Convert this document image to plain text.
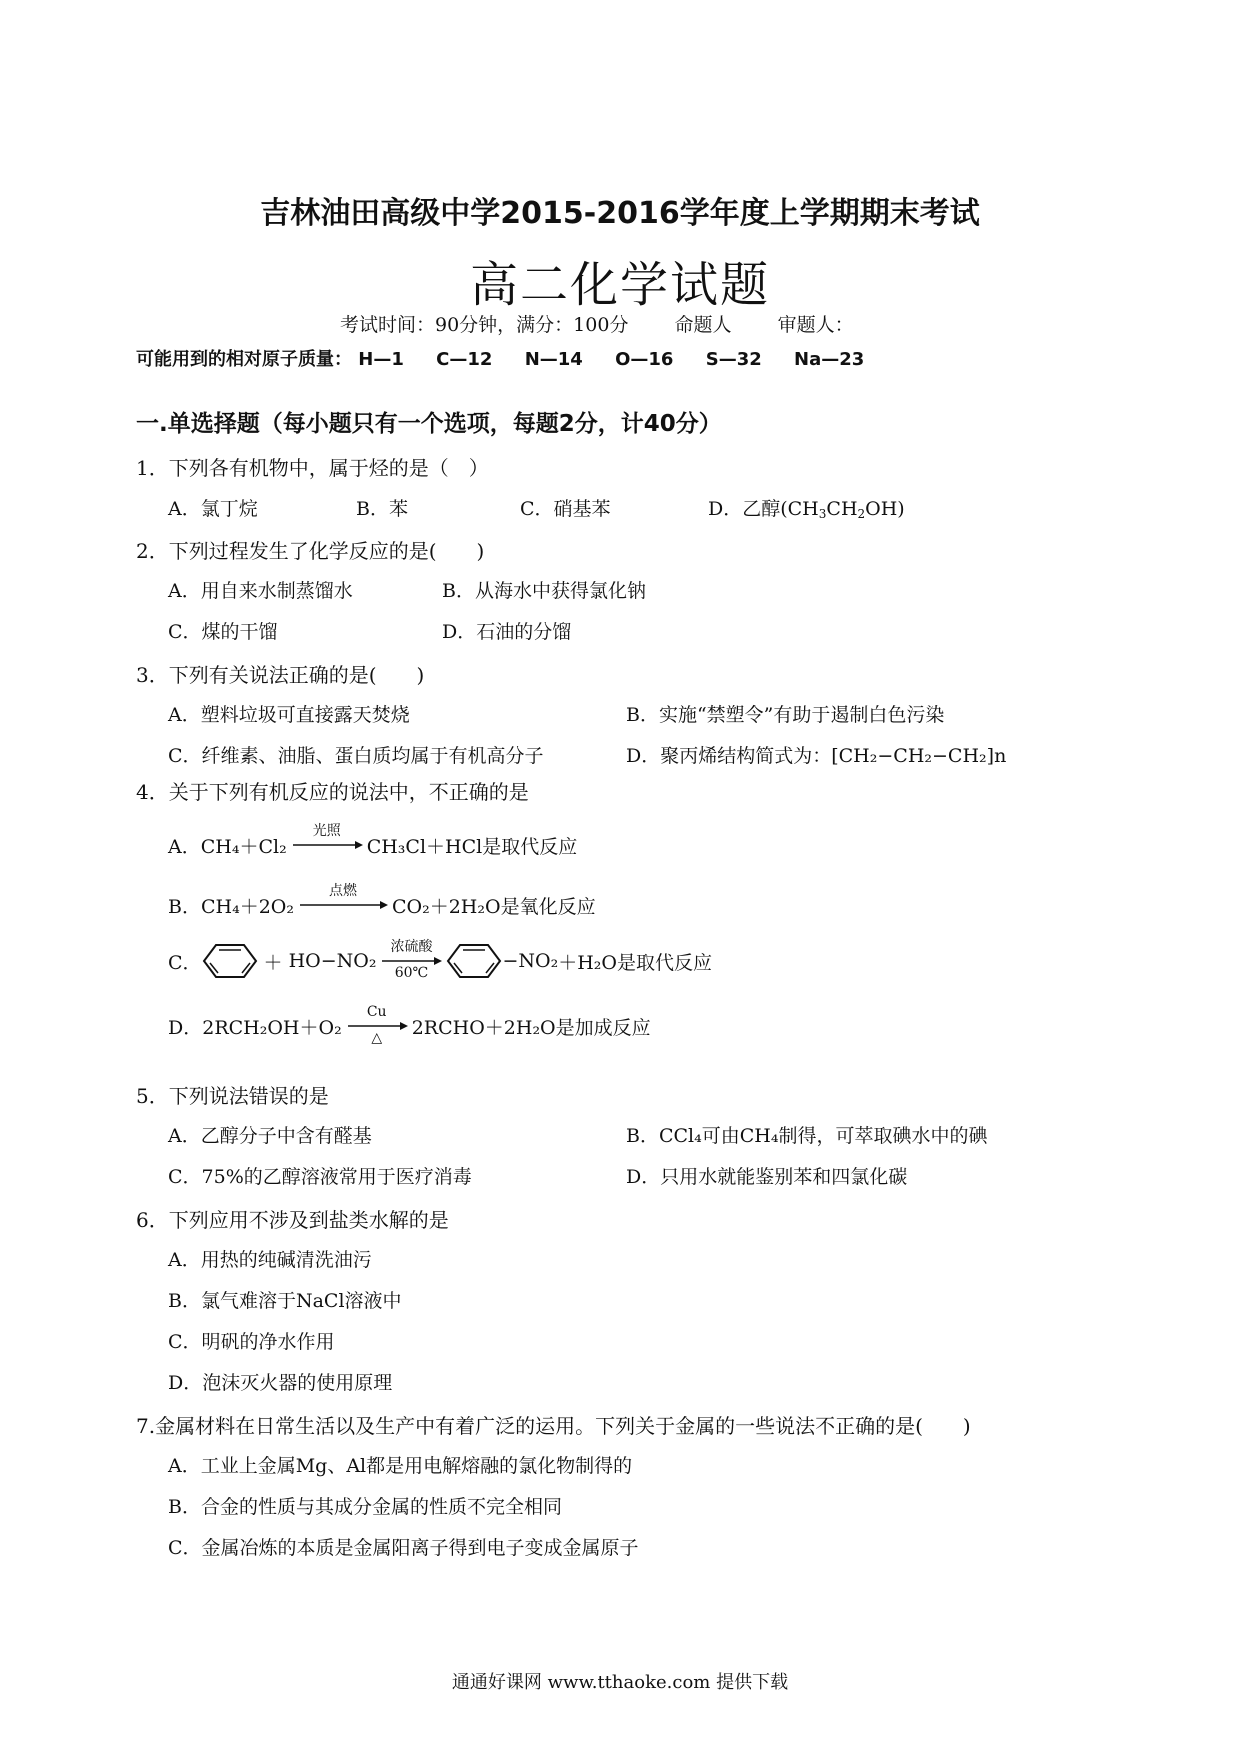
吉林油田高级中学2015-2016学年度上学期期末考试
高二化学试题
考试时间：90分钟，满分：100分 命题人 审题人：
可能用到的相对原子质量： H—1 C—12 N—14 O—16 S—32 Na—23
一.单选择题（每小题只有一个选项，每题2分，计40分）
1．下列各有机物中，属于烃的是（　）
A．氯丁烷	B．苯	C．硝基苯	D．乙醇$(CH_3CH_2OH)$
2．下列过程发生了化学反应的是(　　)
A．用自来水制蒸馏水	B．从海水中获得氯化钠
C．煤的干馏	D．石油的分馏
3．下列有关说法正确的是(　　)
A．塑料垃圾可直接露天焚烧	B．实施“禁塑令”有助于遏制白色污染
C．纤维素、油脂、蛋白质均属于有机高分子	D．聚丙烯结构简式为：[CH₂−CH₂−CH₂]n
4．关于下列有机反应的说法中，不正确的是
A． CH₄＋Cl₂
光照
CH₃Cl＋HCl是取代反应
B． CH₄＋2O₂
点燃
CO₂＋2H₂O是氧化反应
C．	＋ HO−NO₂
浓硫酸
60℃
−NO₂ ＋H₂O是取代反应
D． 2RCH₂OH＋O₂
Cu
△ 2RCHO＋2H₂O是加成反应
5．下列说法错误的是
A．乙醇分子中含有醛基	B．CCl₄可由CH₄制得，可萃取碘水中的碘
C．75%的乙醇溶液常用于医疗消毒	D．只用水就能鉴别苯和四氯化碳
6．下列应用不涉及到盐类水解的是
A．用热的纯碱清洗油污
B．氯气难溶于NaCl溶液中
C．明矾的净水作用
D．泡沫灭火器的使用原理
7.金属材料在日常生活以及生产中有着广泛的运用。下列关于金属的一些说法不正确的是(　　)
A．工业上金属Mg、Al都是用电解熔融的氯化物制得的
B．合金的性质与其成分金属的性质不完全相同
C．金属冶炼的本质是金属阳离子得到电子变成金属原子
通通好课网 www.tthaoke.com 提供下载
